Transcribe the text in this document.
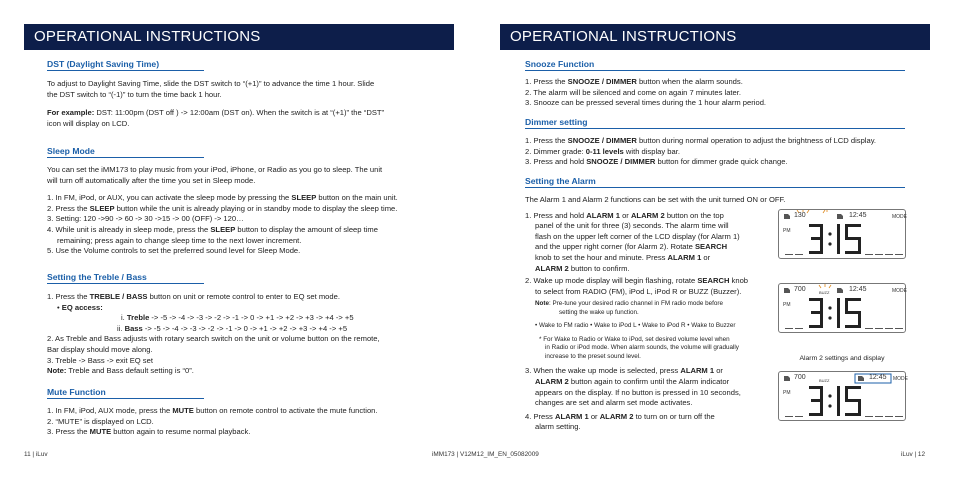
OPERATIONAL INSTRUCTIONS
DST (Daylight Saving Time)
To adjust to Daylight Saving Time, slide the DST switch to “(+1)” to advance the time 1 hour. Slide
the DST switch to “(-1)” to turn the time back 1 hour.
For example: DST: 11:00pm (DST off ) -> 12:00am (DST on). When the switch is at “(+1)” the “DST”
icon will display on LCD.
Sleep Mode
You can set the iMM173 to play music from your iPod, iPhone, or Radio as you go to sleep. The unit
will turn off automatically after the time you set in Sleep mode.
1. In FM, iPod, or AUX, you can activate the sleep mode by pressing the SLEEP button on the main unit.
2. Press the SLEEP button while the unit is already playing or in standby mode to display the sleep time.
3. Setting: 120 ->90 -> 60 -> 30 ->15 -> 00 (OFF) -> 120…
4. While unit is already in sleep mode, press the SLEEP button to display the amount of sleep time
remaining; press again to change sleep time to the next lower increment.
5. Use the Volume controls to set the preferred sound level for Sleep Mode.
Setting the Treble / Bass
1. Press the TREBLE / BASS button on unit or remote control to enter to EQ set mode.
• EQ access:
i. Treble -> -5 -> -4 -> -3 -> -2 -> -1 -> 0 -> +1 -> +2 -> +3 -> +4 -> +5
ii. Bass -> -5 -> -4 -> -3 -> -2 -> -1 -> 0 -> +1 -> +2 -> +3 -> +4 -> +5
2. As Treble and Bass adjusts with rotary search switch on the unit or volume button on the remote,
Bar display should move along.
3. Treble -> Bass -> exit EQ set
Note: Treble and Bass default setting is “0”.
Mute Function
1. In FM, iPod, AUX mode, press the MUTE button on remote control to activate the mute function.
2. “MUTE” is displayed on LCD.
3. Press the MUTE button again to resume normal playback.
11 | iLuv	iMM173 | V12M12_IM_EN_05082009
OPERATIONAL INSTRUCTIONS
Snooze Function
1. Press the SNOOZE / DIMMER button when the alarm sounds.
2. The alarm will be silenced and come on again 7 minutes later.
3. Snooze can be pressed several times during the 1 hour alarm period.
Dimmer setting
1. Press the SNOOZE / DIMMER button during normal operation to adjust the brightness of LCD display.
2. Dimmer grade: 0-11 levels with display bar.
3. Press and hold SNOOZE / DIMMER button for dimmer grade quick change.
Setting the Alarm
The Alarm 1 and Alarm 2 functions can be set with the unit turned ON or OFF.
1. Press and hold ALARM 1 or ALARM 2 button on the top
panel of the unit for three (3) seconds. The alarm time will
flash on the upper left corner of the LCD display (for Alarm 1)
and the upper right corner (for Alarm 2). Rotate SEARCH
knob to set the hour and minute. Press ALARM 1 or
ALARM 2 button to confirm.
2. Wake up mode display will begin flashing, rotate SEARCH knob
to select from RADIO (FM), iPod L, iPod R or BUZZ (Buzzer).
Note: Pre-tune your desired radio channel in FM radio mode before
setting the wake up function.
• Wake to FM radio • Wake to iPod L • Wake to iPod R • Wake to Buzzer
* For Wake to Radio or Wake to iPod, set desired volume level when
in Radio or iPod mode. When alarm sounds, the volume will gradually
increase to the preset sound level.
3. When the wake up mode is selected, press ALARM 1 or
ALARM 2 button again to confirm until the Alarm indicator
appears on the display. If no button is pressed in 10 seconds,
changes are set and alarm set mode activates.
4. Press ALARM 1 or ALARM 2 to turn on or turn off the
alarm setting.
iLuv | 12
130	12:45	MODE
PM
700	BUZZ	12:45	MODE
PM
Alarm 2 settings and display
700	BUZZ	12:45 MODE
PM
